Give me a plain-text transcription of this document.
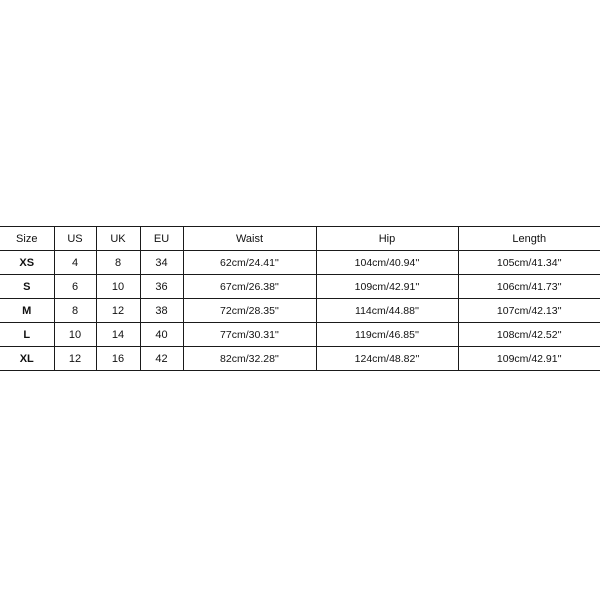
Size	US	UK	EU	Waist	Hip	Length
XS	4	8	34	62cm/24.41''	104cm/40.94''	105cm/41.34''
S	6	10	36	67cm/26.38''	109cm/42.91''	106cm/41.73''
M	8	12	38	72cm/28.35''	114cm/44.88''	107cm/42.13''
L	10	14	40	77cm/30.31''	119cm/46.85''	108cm/42.52''
XL	12	16	42	82cm/32.28''	124cm/48.82''	109cm/42.91''
